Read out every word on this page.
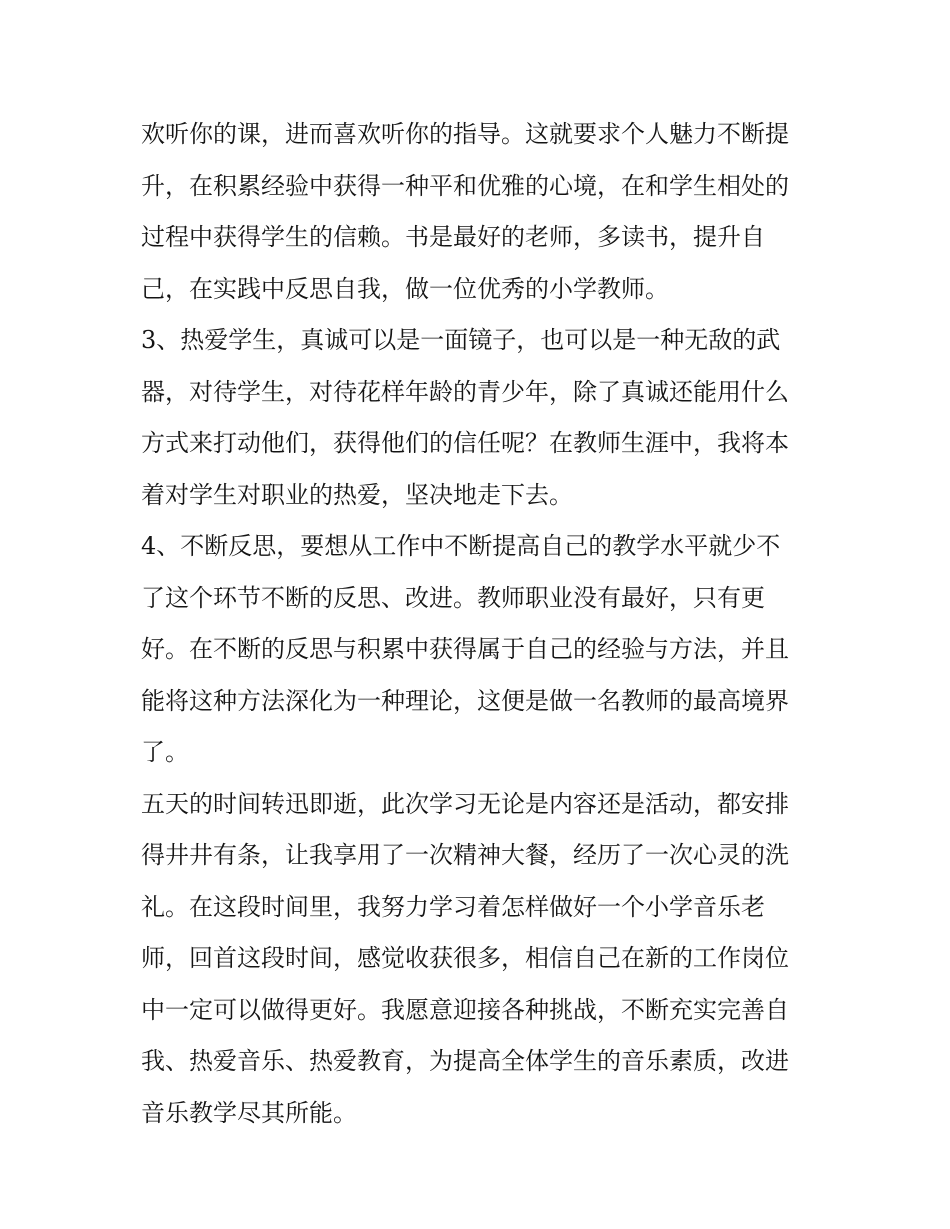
欢听你的课，进而喜欢听你的指导。这就要求个人魅力不断提
升，在积累经验中获得一种平和优雅的心境，在和学生相处的
过程中获得学生的信赖。书是最好的老师，多读书，提升自
己，在实践中反思自我，做一位优秀的小学教师。
3、热爱学生，真诚可以是一面镜子，也可以是一种无敌的武
器，对待学生，对待花样年龄的青少年，除了真诚还能用什么
方式来打动他们，获得他们的信任呢？在教师生涯中，我将本
着对学生对职业的热爱，坚决地走下去。
4、不断反思，要想从工作中不断提高自己的教学水平就少不
了这个环节不断的反思、改进。教师职业没有最好，只有更
好。在不断的反思与积累中获得属于自己的经验与方法，并且
能将这种方法深化为一种理论，这便是做一名教师的最高境界
了。
五天的时间转迅即逝，此次学习无论是内容还是活动，都安排
得井井有条，让我享用了一次精神大餐，经历了一次心灵的洗
礼。在这段时间里，我努力学习着怎样做好一个小学音乐老
师，回首这段时间，感觉收获很多，相信自己在新的工作岗位
中一定可以做得更好。我愿意迎接各种挑战，不断充实完善自
我、热爱音乐、热爱教育，为提高全体学生的音乐素质，改进
音乐教学尽其所能。
